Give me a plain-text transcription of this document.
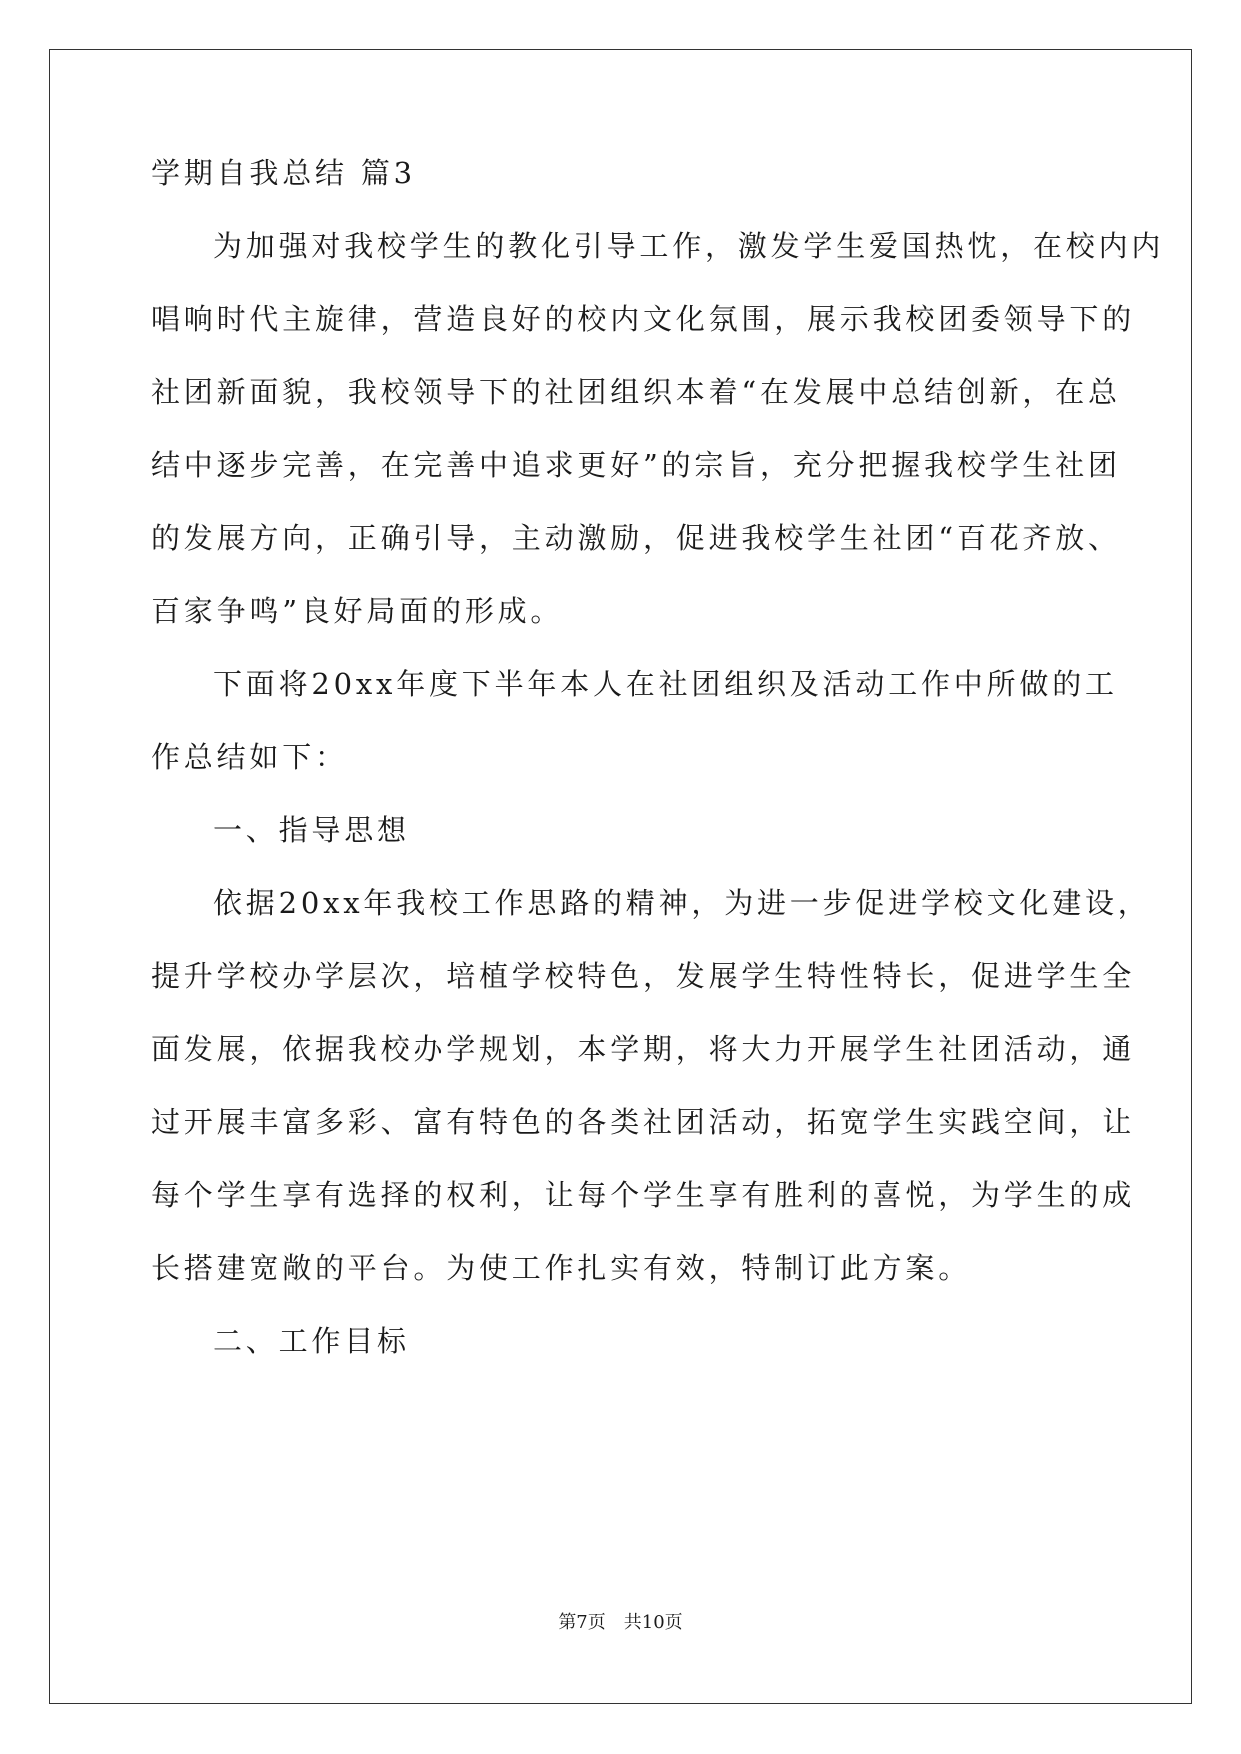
学期自我总结 篇3
为加强对我校学生的教化引导工作，激发学生爱国热忱，在校内内
唱响时代主旋律，营造良好的校内文化氛围，展示我校团委领导下的
社团新面貌，我校领导下的社团组织本着“在发展中总结创新，在总
结中逐步完善，在完善中追求更好”的宗旨，充分把握我校学生社团
的发展方向，正确引导，主动激励，促进我校学生社团“百花齐放、
百家争鸣”良好局面的形成。
下面将20xx年度下半年本人在社团组织及活动工作中所做的工
作总结如下：
一、指导思想
依据20xx年我校工作思路的精神，为进一步促进学校文化建设，
提升学校办学层次，培植学校特色，发展学生特性特长，促进学生全
面发展，依据我校办学规划，本学期，将大力开展学生社团活动，通
过开展丰富多彩、富有特色的各类社团活动，拓宽学生实践空间，让
每个学生享有选择的权利，让每个学生享有胜利的喜悦，为学生的成
长搭建宽敞的平台。为使工作扎实有效，特制订此方案。
二、工作目标
第7页 共10页
